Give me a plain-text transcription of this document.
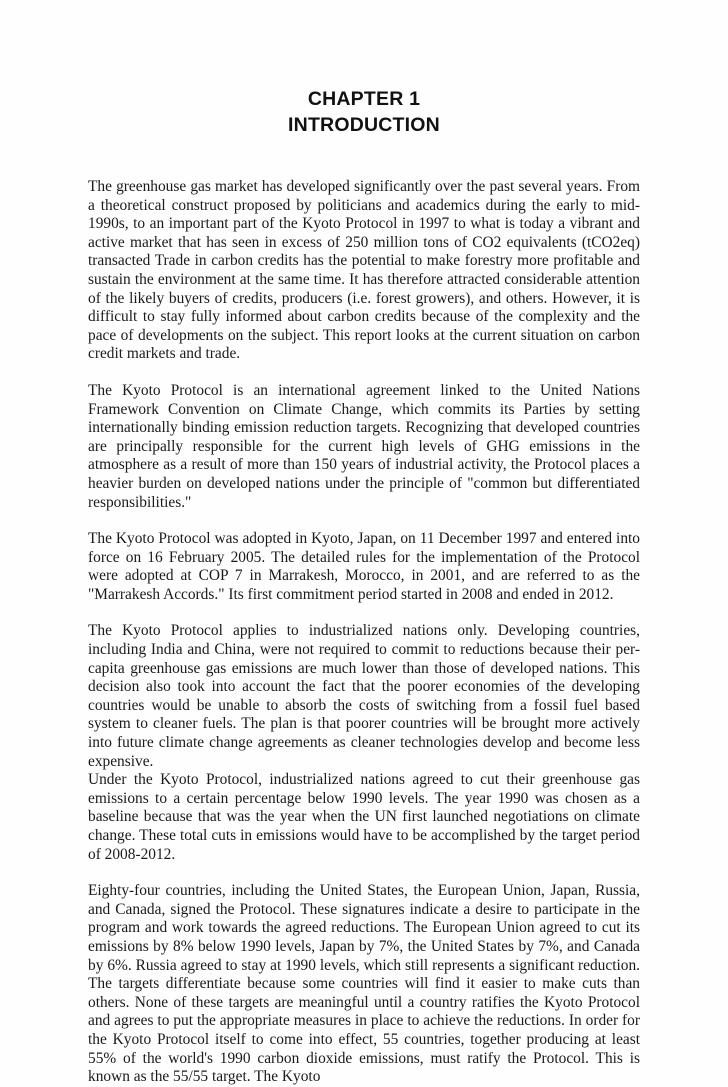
CHAPTER 1
INTRODUCTION

The greenhouse gas market has developed significantly over the past several years. From a theoretical construct proposed by politicians and academics during the early to mid-1990s, to an important part of the Kyoto Protocol in 1997 to what is today a vibrant and active market that has seen in excess of 250 million tons of CO2 equivalents (tCO2eq) transacted Trade in carbon credits has the potential to make forestry more profitable and sustain the environment at the same time. It has therefore attracted considerable attention of the likely buyers of credits, producers (i.e. forest growers), and others. However, it is difficult to stay fully informed about carbon credits because of the complexity and the pace of developments on the subject. This report looks at the current situation on carbon credit markets and trade.

The Kyoto Protocol is an international agreement linked to the United Nations Framework Convention on Climate Change, which commits its Parties by setting internationally binding emission reduction targets. Recognizing that developed countries are principally responsible for the current high levels of GHG emissions in the atmosphere as a result of more than 150 years of industrial activity, the Protocol places a heavier burden on developed nations under the principle of "common but differentiated responsibilities."

The Kyoto Protocol was adopted in Kyoto, Japan, on 11 December 1997 and entered into force on 16 February 2005. The detailed rules for the implementation of the Protocol were adopted at COP 7 in Marrakesh, Morocco, in 2001, and are referred to as the "Marrakesh Accords." Its first commitment period started in 2008 and ended in 2012.

The Kyoto Protocol applies to industrialized nations only. Developing countries, including India and China, were not required to commit to reductions because their per-capita greenhouse gas emissions are much lower than those of developed nations. This decision also took into account the fact that the poorer economies of the developing countries would be unable to absorb the costs of switching from a fossil fuel based system to cleaner fuels. The plan is that poorer countries will be brought more actively into future climate change agreements as cleaner technologies develop and become less expensive.

Under the Kyoto Protocol, industrialized nations agreed to cut their greenhouse gas emissions to a certain percentage below 1990 levels. The year 1990 was chosen as a baseline because that was the year when the UN first launched negotiations on climate change. These total cuts in emissions would have to be accomplished by the target period of 2008-2012.

Eighty-four countries, including the United States, the European Union, Japan, Russia, and Canada, signed the Protocol. These signatures indicate a desire to participate in the program and work towards the agreed reductions. The European Union agreed to cut its emissions by 8% below 1990 levels, Japan by 7%, the United States by 7%, and Canada by 6%. Russia agreed to stay at 1990 levels, which still represents a significant reduction. The targets differentiate because some countries will find it easier to make cuts than others. None of these targets are meaningful until a country ratifies the Kyoto Protocol and agrees to put the appropriate measures in place to achieve the reductions. In order for the Kyoto Protocol itself to come into effect, 55 countries, together producing at least 55% of the world's 1990 carbon dioxide emissions, must ratify the Protocol. This is known as the 55/55 target. The Kyoto
